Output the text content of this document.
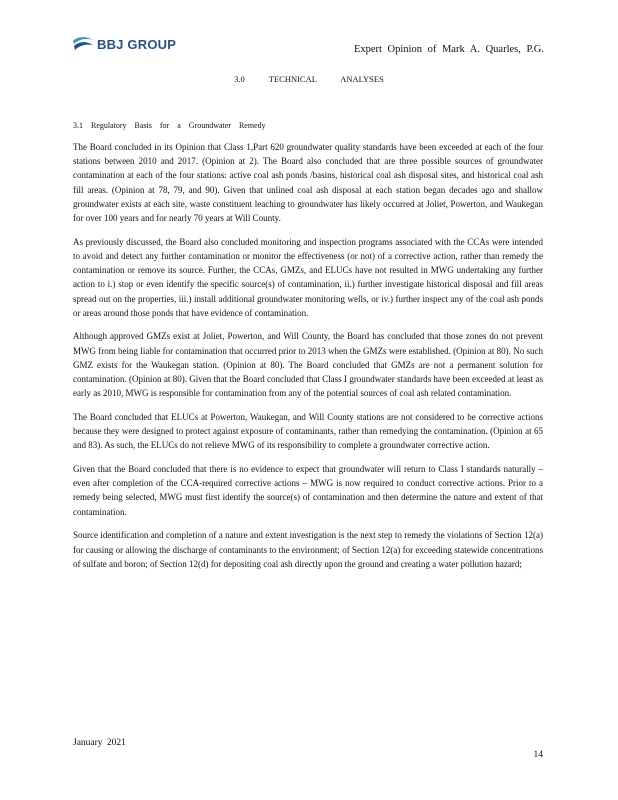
BBJ GROUP	Expert Opinion of Mark A. Quarles, P.G.
3.0 TECHNICAL ANALYSES
3.1 Regulatory Basis for a Groundwater Remedy

The Board concluded in its Opinion that Class 1,Part 620 groundwater quality standards have been exceeded at each of the four stations between 2010 and 2017. (Opinion at 2). The Board also concluded that are three possible sources of groundwater contamination at each of the four stations: active coal ash ponds /basins, historical coal ash disposal sites, and historical coal ash fill areas. (Opinion at 78, 79, and 90). Given that unlined coal ash disposal at each station began decades ago and shallow groundwater exists at each site, waste constituent leaching to groundwater has likely occurred at Joliet, Powerton, and Waukegan for over 100 years and for nearly 70 years at Will County.

As previously discussed, the Board also concluded monitoring and inspection programs associated with the CCAs were intended to avoid and detect any further contamination or monitor the effectiveness (or not) of a corrective action, rather than remedy the contamination or remove its source. Further, the CCAs, GMZs, and ELUCs have not resulted in MWG undertaking any further action to i.) stop or even identify the specific source(s) of contamination, ii.) further investigate historical disposal and fill areas spread out on the properties, iii.) install additional groundwater monitoring wells, or iv.) further inspect any of the coal ash ponds or areas around those ponds that have evidence of contamination.

Although approved GMZs exist at Joliet, Powerton, and Will County, the Board has concluded that those zones do not prevent MWG from being liable for contamination that occurred prior to 2013 when the GMZs were established. (Opinion at 80). No such GMZ exists for the Waukegan station. (Opinion at 80). The Board concluded that GMZs are not a permanent solution for contamination. (Opinion at 80). Given that the Board concluded that Class I groundwater standards have been exceeded at least as early as 2010, MWG is responsible for contamination from any of the potential sources of coal ash related contamination.

The Board concluded that ELUCs at Powerton, Waukegan, and Will County stations are not considered to be corrective actions because they were designed to protect against exposure of contaminants, rather than remedying the contamination. (Opinion at 65 and 83). As such, the ELUCs do not relieve MWG of its responsibility to complete a groundwater corrective action.

Given that the Board concluded that there is no evidence to expect that groundwater will return to Class I standards naturally – even after completion of the CCA-required corrective actions – MWG is now required to conduct corrective actions. Prior to a remedy being selected, MWG must first identify the source(s) of contamination and then determine the nature and extent of that contamination.

Source identification and completion of a nature and extent investigation is the next step to remedy the violations of Section 12(a) for causing or allowing the discharge of contaminants to the environment; of Section 12(a) for exceeding statewide concentrations of sulfate and boron; of Section 12(d) for depositing coal ash directly upon the ground and creating a water pollution hazard;

January 2021
14
